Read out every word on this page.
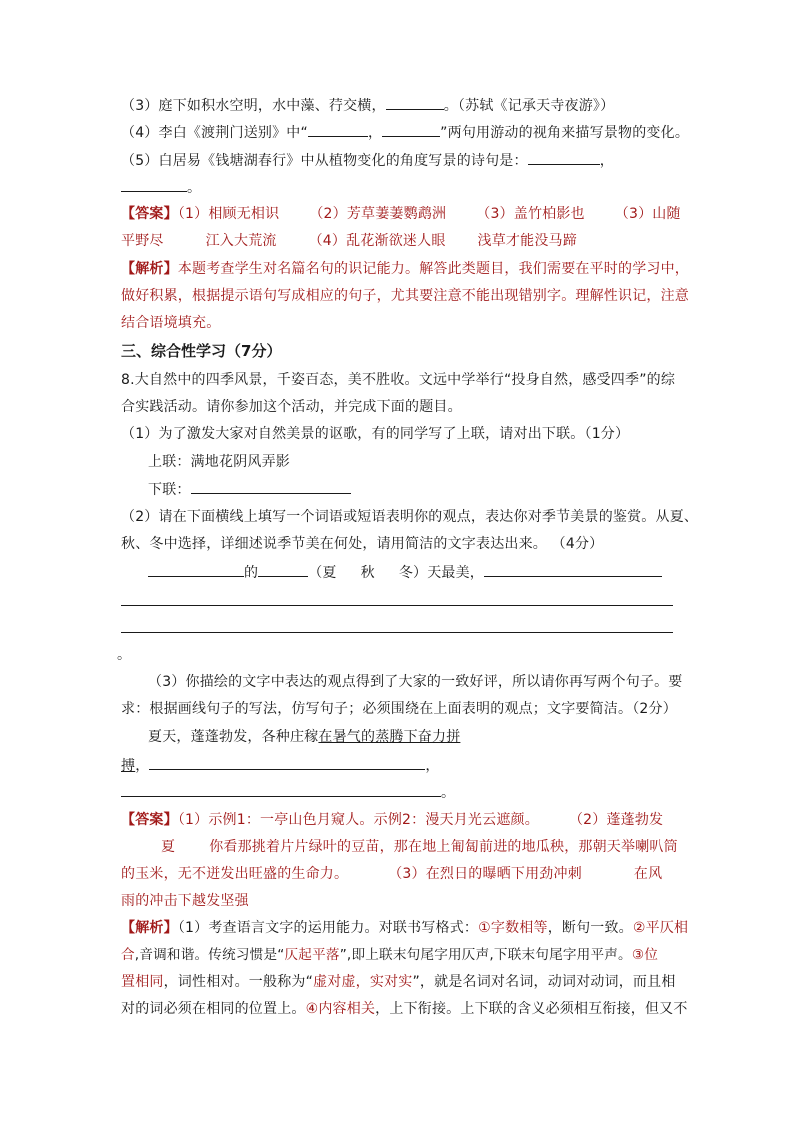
（3）庭下如积水空明，水中藻、荇交横，	。（苏轼《记承天寺夜游》）
（4）李白《渡荆门送别》中“	，	”两句用游动的视角来描写景物的变化。
（5）白居易《钱塘湖春行》中从植物变化的角度写景的诗句是：	，
。
【答案】（1）相顾无相识 （2）芳草萋萋鹦鹉洲 （3）盖竹柏影也 （3）山随
平野尽	江入大荒流 （4）乱花渐欲迷人眼 浅草才能没马蹄
【解析】本题考查学生对名篇名句的识记能力。解答此类题目，我们需要在平时的学习中，
做好积累，根据提示语句写成相应的句子，尤其要注意不能出现错别字。理解性识记，注意
结合语境填充。
三、综合性学习（7分）
8.大自然中的四季风景，千姿百态，美不胜收。文远中学举行“投身自然，感受四季”的综
合实践活动。请你参加这个活动，并完成下面的题目。
（1）为了激发大家对自然美景的讴歌，有的同学写了上联，请对出下联。（1分）
上联：满地花阴风弄影
下联：
（2）请在下面横线上填写一个词语或短语表明你的观点，表达你对季节美景的鉴赏。从夏、
秋、冬中选择，详细述说季节美在何处，请用简洁的文字表达出来。 （4分）
的	（夏 秋 冬）天最美，
。
（3）你描绘的文字中表达的观点得到了大家的一致好评，所以请你再写两个句子。要
求：根据画线句子的写法，仿写句子；必须围绕在上面表明的观点；文字要简洁。（2分）
夏天，蓬蓬勃发，各种庄稼在暑气的蒸腾下奋力拼
搏，	，
。
【答案】（1）示例1：一亭山色月窥人。示例2：漫天月光云遮颜。 （2）蓬蓬勃发
夏 你看那挑着片片绿叶的豆苗，那在地上匍匐前进的地瓜秧，那朝天举喇叭筒
的玉米，无不迸发出旺盛的生命力。	（3）在烈日的曝晒下用劲冲刺	在风
雨的冲击下越发坚强
【解析】（1）考查语言文字的运用能力。对联书写格式：①字数相等，断句一致。②平仄相
合,音调和谐。传统习惯是“仄起平落”,即上联末句尾字用仄声,下联末句尾字用平声。③位
置相同，词性相对。一般称为“虚对虚，实对实”，就是名词对名词，动词对动词，而且相
对的词必须在相同的位置上。④内容相关，上下衔接。上下联的含义必须相互衔接，但又不
